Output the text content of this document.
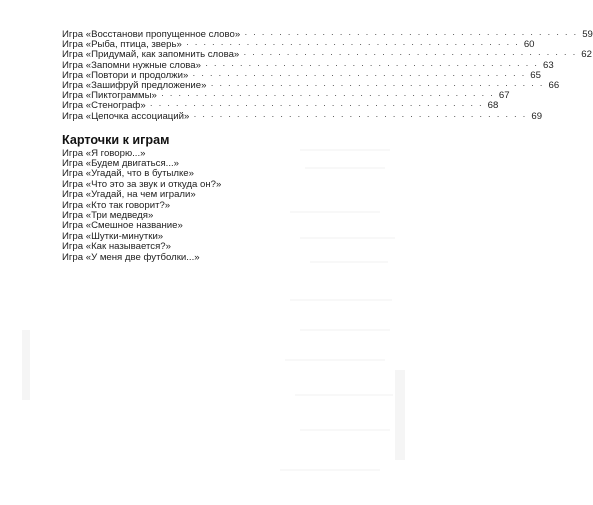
Игра «Восстанови пропущенное слово» · · · · · · · · · · · · · · · · · · · · · · · · · · · · · · · · · · · · · · · 59
Игра «Рыба, птица, зверь» · · · · · · · · · · · · · · · · · · · · · · · · · · · · · · · · · · · · · · · 60
Игра «Придумай, как запомнить слова» · · · · · · · · · · · · · · · · · · · · · · · · · · · · · · · · · · · · · · · 62
Игра «Запомни нужные слова» · · · · · · · · · · · · · · · · · · · · · · · · · · · · · · · · · · · · · · · 63
Игра «Повтори и продолжи» · · · · · · · · · · · · · · · · · · · · · · · · · · · · · · · · · · · · · · · 65
Игра «Зашифруй предложение» · · · · · · · · · · · · · · · · · · · · · · · · · · · · · · · · · · · · · · · 66
Игра «Пиктограммы» · · · · · · · · · · · · · · · · · · · · · · · · · · · · · · · · · · · · · · · 67
Игра «Стенограф» · · · · · · · · · · · · · · · · · · · · · · · · · · · · · · · · · · · · · · · 68
Игра «Цепочка ассоциаций» · · · · · · · · · · · · · · · · · · · · · · · · · · · · · · · · · · · · · · · 69
Карточки к играм
Игра «Я говорю...»
Игра «Будем двигаться...»
Игра «Угадай, что в бутылке»
Игра «Что это за звук и откуда он?»
Игра «Угадай, на чем играли»
Игра «Кто так говорит?»
Игра «Три медведя»
Игра «Смешное название»
Игра «Шутки-минутки»
Игра «Как называется?»
Игра «У меня две футболки...»
